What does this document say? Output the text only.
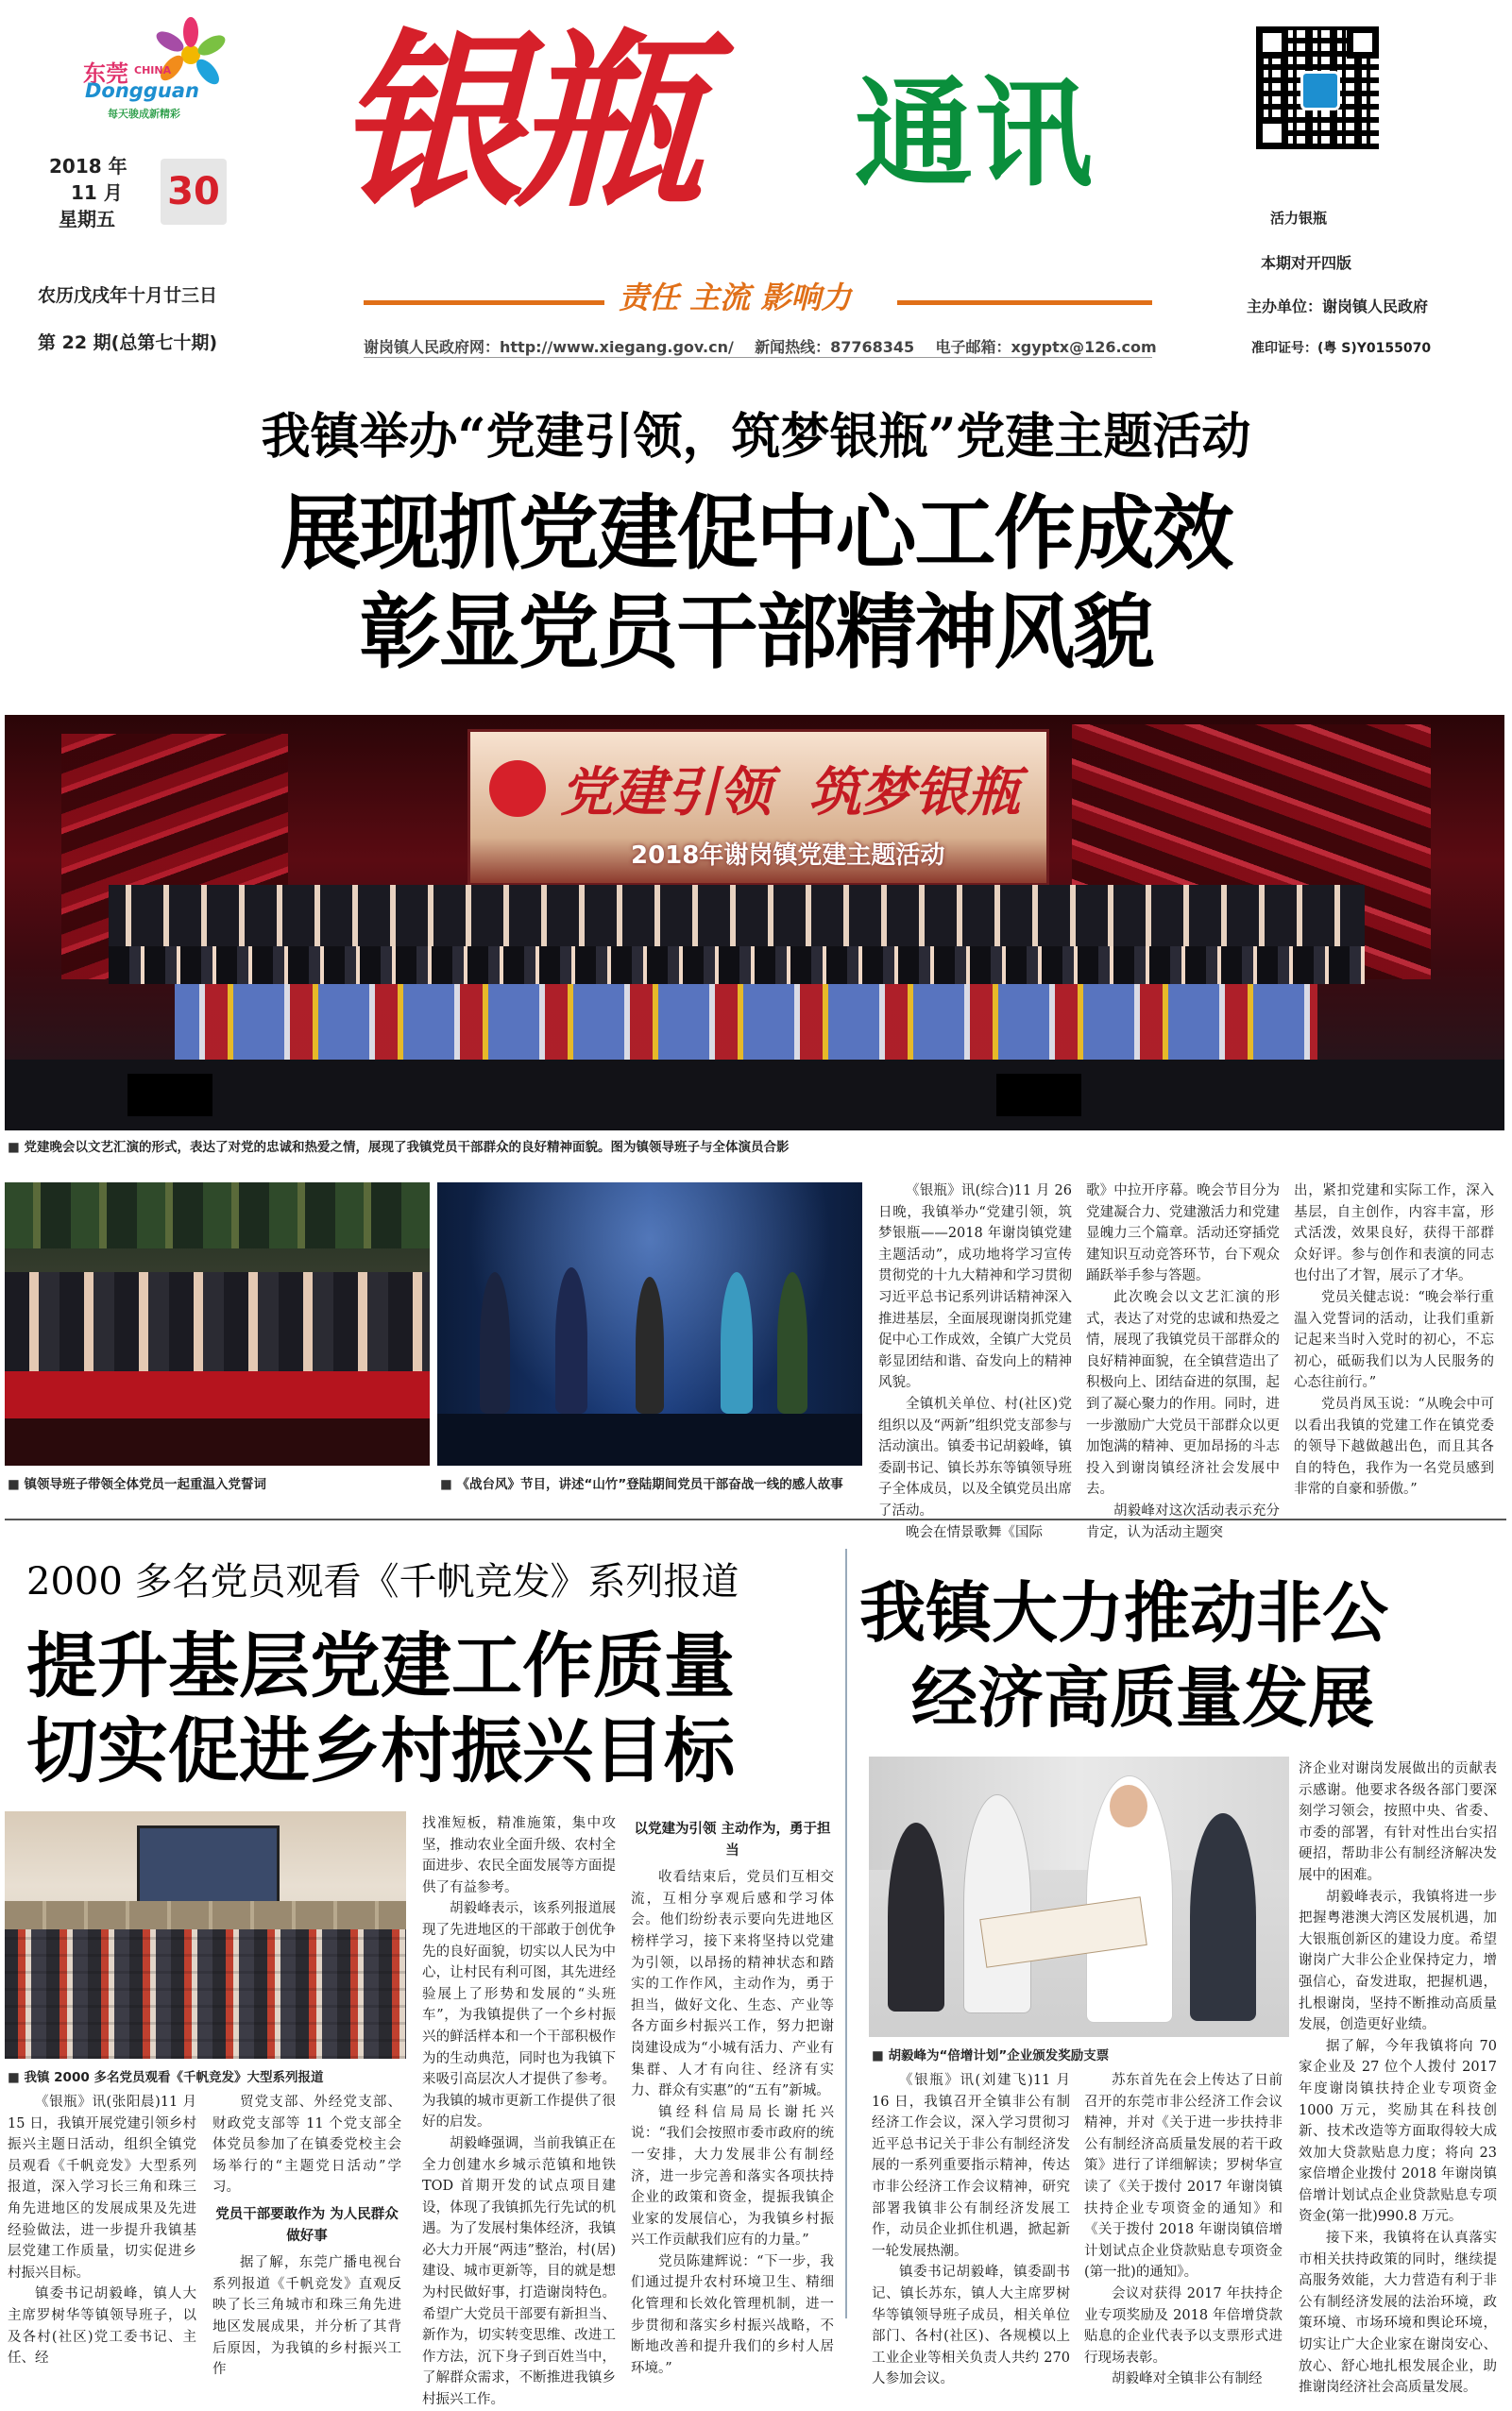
东莞 CHINA
Dongguan
每天骏成新精彩
2018 年
11 月
星期五
30
农历戊戌年十月廿三日
第 22 期(总第七十期)
银瓶 通讯
责任 主流 影响力
谢岗镇人民政府网：http://www.xiegang.gov.cn/    新闻热线：87768345    电子邮箱：xgyptx@126.com
活力银瓶
本期对开四版
主办单位：谢岗镇人民政府
准印证号：(粤 S)Y0155070
我镇举办“党建引领，筑梦银瓶”党建主题活动
展现抓党建促中心工作成效
彰显党员干部精神风貌
党建引领  筑梦银瓶
2018年谢岗镇党建主题活动
■ 党建晚会以文艺汇演的形式，表达了对党的忠诚和热爱之情，展现了我镇党员干部群众的良好精神面貌。图为镇领导班子与全体演员合影
■ 镇领导班子带领全体党员一起重温入党誓词
■	《战台风》节目，讲述“山竹”登陆期间党员干部奋战一线的感人故事

《银瓶》讯(综合)11 月 26 日晚，我镇举办“党建引领，筑梦银瓶——2018 年谢岗镇党建主题活动”，成功地将学习宣传贯彻党的十九大精神和学习贯彻习近平总书记系列讲话精神深入推进基层，全面展现谢岗抓党建促中心工作成效，全镇广大党员彰显团结和谐、奋发向上的精神风貌。

全镇机关单位、村(社区)党组织以及“两新”组织党支部参与活动演出。镇委书记胡毅峰，镇委副书记、镇长苏东等镇领导班子全体成员，以及全镇党员出席了活动。

晚会在情景歌舞《国际

歌》中拉开序幕。晚会节目分为党建凝合力、党建激活力和党建显魄力三个篇章。活动还穿插党建知识互动竞答环节，台下观众踊跃举手参与答题。

此次晚会以文艺汇演的形式，表达了对党的忠诚和热爱之情，展现了我镇党员干部群众的良好精神面貌，在全镇营造出了积极向上、团结奋进的氛围，起到了凝心聚力的作用。同时，进一步激励广大党员干部群众以更加饱满的精神、更加昂扬的斗志投入到谢岗镇经济社会发展中去。

胡毅峰对这次活动表示充分肯定，认为活动主题突

出，紧扣党建和实际工作，深入基层，自主创作，内容丰富，形式活泼，效果良好，获得干部群众好评。参与创作和表演的同志也付出了才智，展示了才华。

党员关健志说：“晚会举行重温入党誓词的活动，让我们重新记起来当时入党时的初心，不忘初心，砥砺我们以为人民服务的心态往前行。”

党员肖凤玉说：“从晚会中可以看出我镇的党建工作在镇党委的领导下越做越出色，而且其各自的特色，我作为一名党员感到非常的自豪和骄傲。”

2000 多名党员观看《千帆竞发》系列报道
提升基层党建工作质量
切实促进乡村振兴目标
■ 我镇 2000 多名党员观看《千帆竞发》大型系列报道

《银瓶》讯(张阳晨)11 月 15 日，我镇开展党建引领乡村振兴主题日活动，组织全镇党员观看《千帆竞发》大型系列报道，深入学习长三角和珠三角先进地区的发展成果及先进经验做法，进一步提升我镇基层党建工作质量，切实促进乡村振兴目标。

镇委书记胡毅峰，镇人大主席罗树华等镇领导班子，以及各村(社区)党工委书记、主任、经

贸党支部、外经党支部、财政党支部等 11 个党支部全体党员参加了在镇委党校主会场举行的“主题党日活动”学习。

党员干部要敢作为 为人民群众做好事

据了解，东莞广播电视台系列报道《千帆竞发》直观反映了长三角城市和珠三角先进地区发展成果，并分析了其背后原因，为我镇的乡村振兴工作

找准短板，精准施策，集中攻坚，推动农业全面升级、农村全面进步、农民全面发展等方面提供了有益参考。

胡毅峰表示，该系列报道展现了先进地区的干部敢于创优争先的良好面貌，切实以人民为中心，让村民有利可图，其先进经验展上了形势和发展的“头班车”，为我镇提供了一个乡村振兴的鲜活样本和一个干部积极作为的生动典范，同时也为我镇下来吸引高层次人才提供了参考。为我镇的城市更新工作提供了很好的启发。

胡毅峰强调，当前我镇正在全力创建水乡城示范镇和地铁 TOD 首期开发的试点项目建设，体现了我镇抓先行先试的机遇。为了发展村集体经济，我镇必大力开展“两违”整治，村(居)建设、城市更新等，目的就是想为村民做好事，打造谢岗特色。希望广大党员干部要有新担当、新作为，切实转变思维、改进工作方法，沉下身子到百姓当中，了解群众需求，不断推进我镇乡村振兴工作。

以党建为引领 主动作为，勇于担当

收看结束后，党员们互相交流，互相分享观后感和学习体会。他们纷纷表示要向先进地区榜样学习，接下来将坚持以党建为引领，以昂扬的精神状态和踏实的工作作风，主动作为，勇于担当，做好文化、生态、产业等各方面乡村振兴工作，努力把谢岗建设成为“小城有活力、产业有集群、人才有向往、经济有实力、群众有实惠”的“五有”新城。

镇经科信局局长谢托兴说：“我们会按照市委市政府的统一安排，大力发展非公有制经济，进一步完善和落实各项扶持企业的政策和资金，提振我镇企业家的发展信心，为我镇乡村振兴工作贡献我们应有的力量。”

党员陈建辉说：“下一步，我们通过提升农村环境卫生、精细化管理和长效化管理机制，进一步贯彻和落实乡村振兴战略，不断地改善和提升我们的乡村人居环境。”

我镇大力推动非公
经济高质量发展
■ 胡毅峰为“倍增计划”企业颁发奖励支票

《银瓶》讯(刘建飞)11 月 16 日，我镇召开全镇非公有制经济工作会议，深入学习贯彻习近平总书记关于非公有制经济发展的一系列重要指示精神，传达市非公经济工作会议精神，研究部署我镇非公有制经济发展工作，动员企业抓住机遇，掀起新一轮发展热潮。

镇委书记胡毅峰，镇委副书记、镇长苏东，镇人大主席罗树华等镇领导班子成员，相关单位部门、各村(社区)、各规模以上工业企业等相关负责人共约 270 人参加会议。

苏东首先在会上传达了日前召开的东莞市非公经济工作会议精神，并对《关于进一步扶持非公有制经济高质量发展的若干政策》进行了详细解读；罗树华宣读了《关于拨付 2017 年谢岗镇扶持企业专项资金的通知》和《关于拨付 2018 年谢岗镇倍增计划试点企业贷款贴息专项资金(第一批)的通知》。

会议对获得 2017 年扶持企业专项奖励及 2018 年倍增贷款贴息的企业代表予以支票形式进行现场表彰。

胡毅峰对全镇非公有制经

济企业对谢岗发展做出的贡献表示感谢。他要求各级各部门要深刻学习领会，按照中央、省委、市委的部署，有针对性出台实招硬招，帮助非公有制经济解决发展中的困难。

胡毅峰表示，我镇将进一步把握粤港澳大湾区发展机遇，加大银瓶创新区的建设力度。希望谢岗广大非公企业保持定力，增强信心，奋发进取，把握机遇，扎根谢岗，坚持不断推动高质量发展，创造更好业绩。

据了解，今年我镇将向 70 家企业及 27 位个人拨付 2017 年度谢岗镇扶持企业专项资金 1000 万元，奖励其在科技创新、技术改造等方面取得较大成效加大贷款贴息力度；将向 23 家倍增企业拨付 2018 年谢岗镇倍增计划试点企业贷款贴息专项资金(第一批)990.8 万元。

接下来，我镇将在认真落实市相关扶持政策的同时，继续提高服务效能，大力营造有利于非公有制经济发展的法治环境，政策环境、市场环境和舆论环境，切实让广大企业家在谢岗安心、放心、舒心地扎根发展企业，助推谢岗经济社会高质量发展。
